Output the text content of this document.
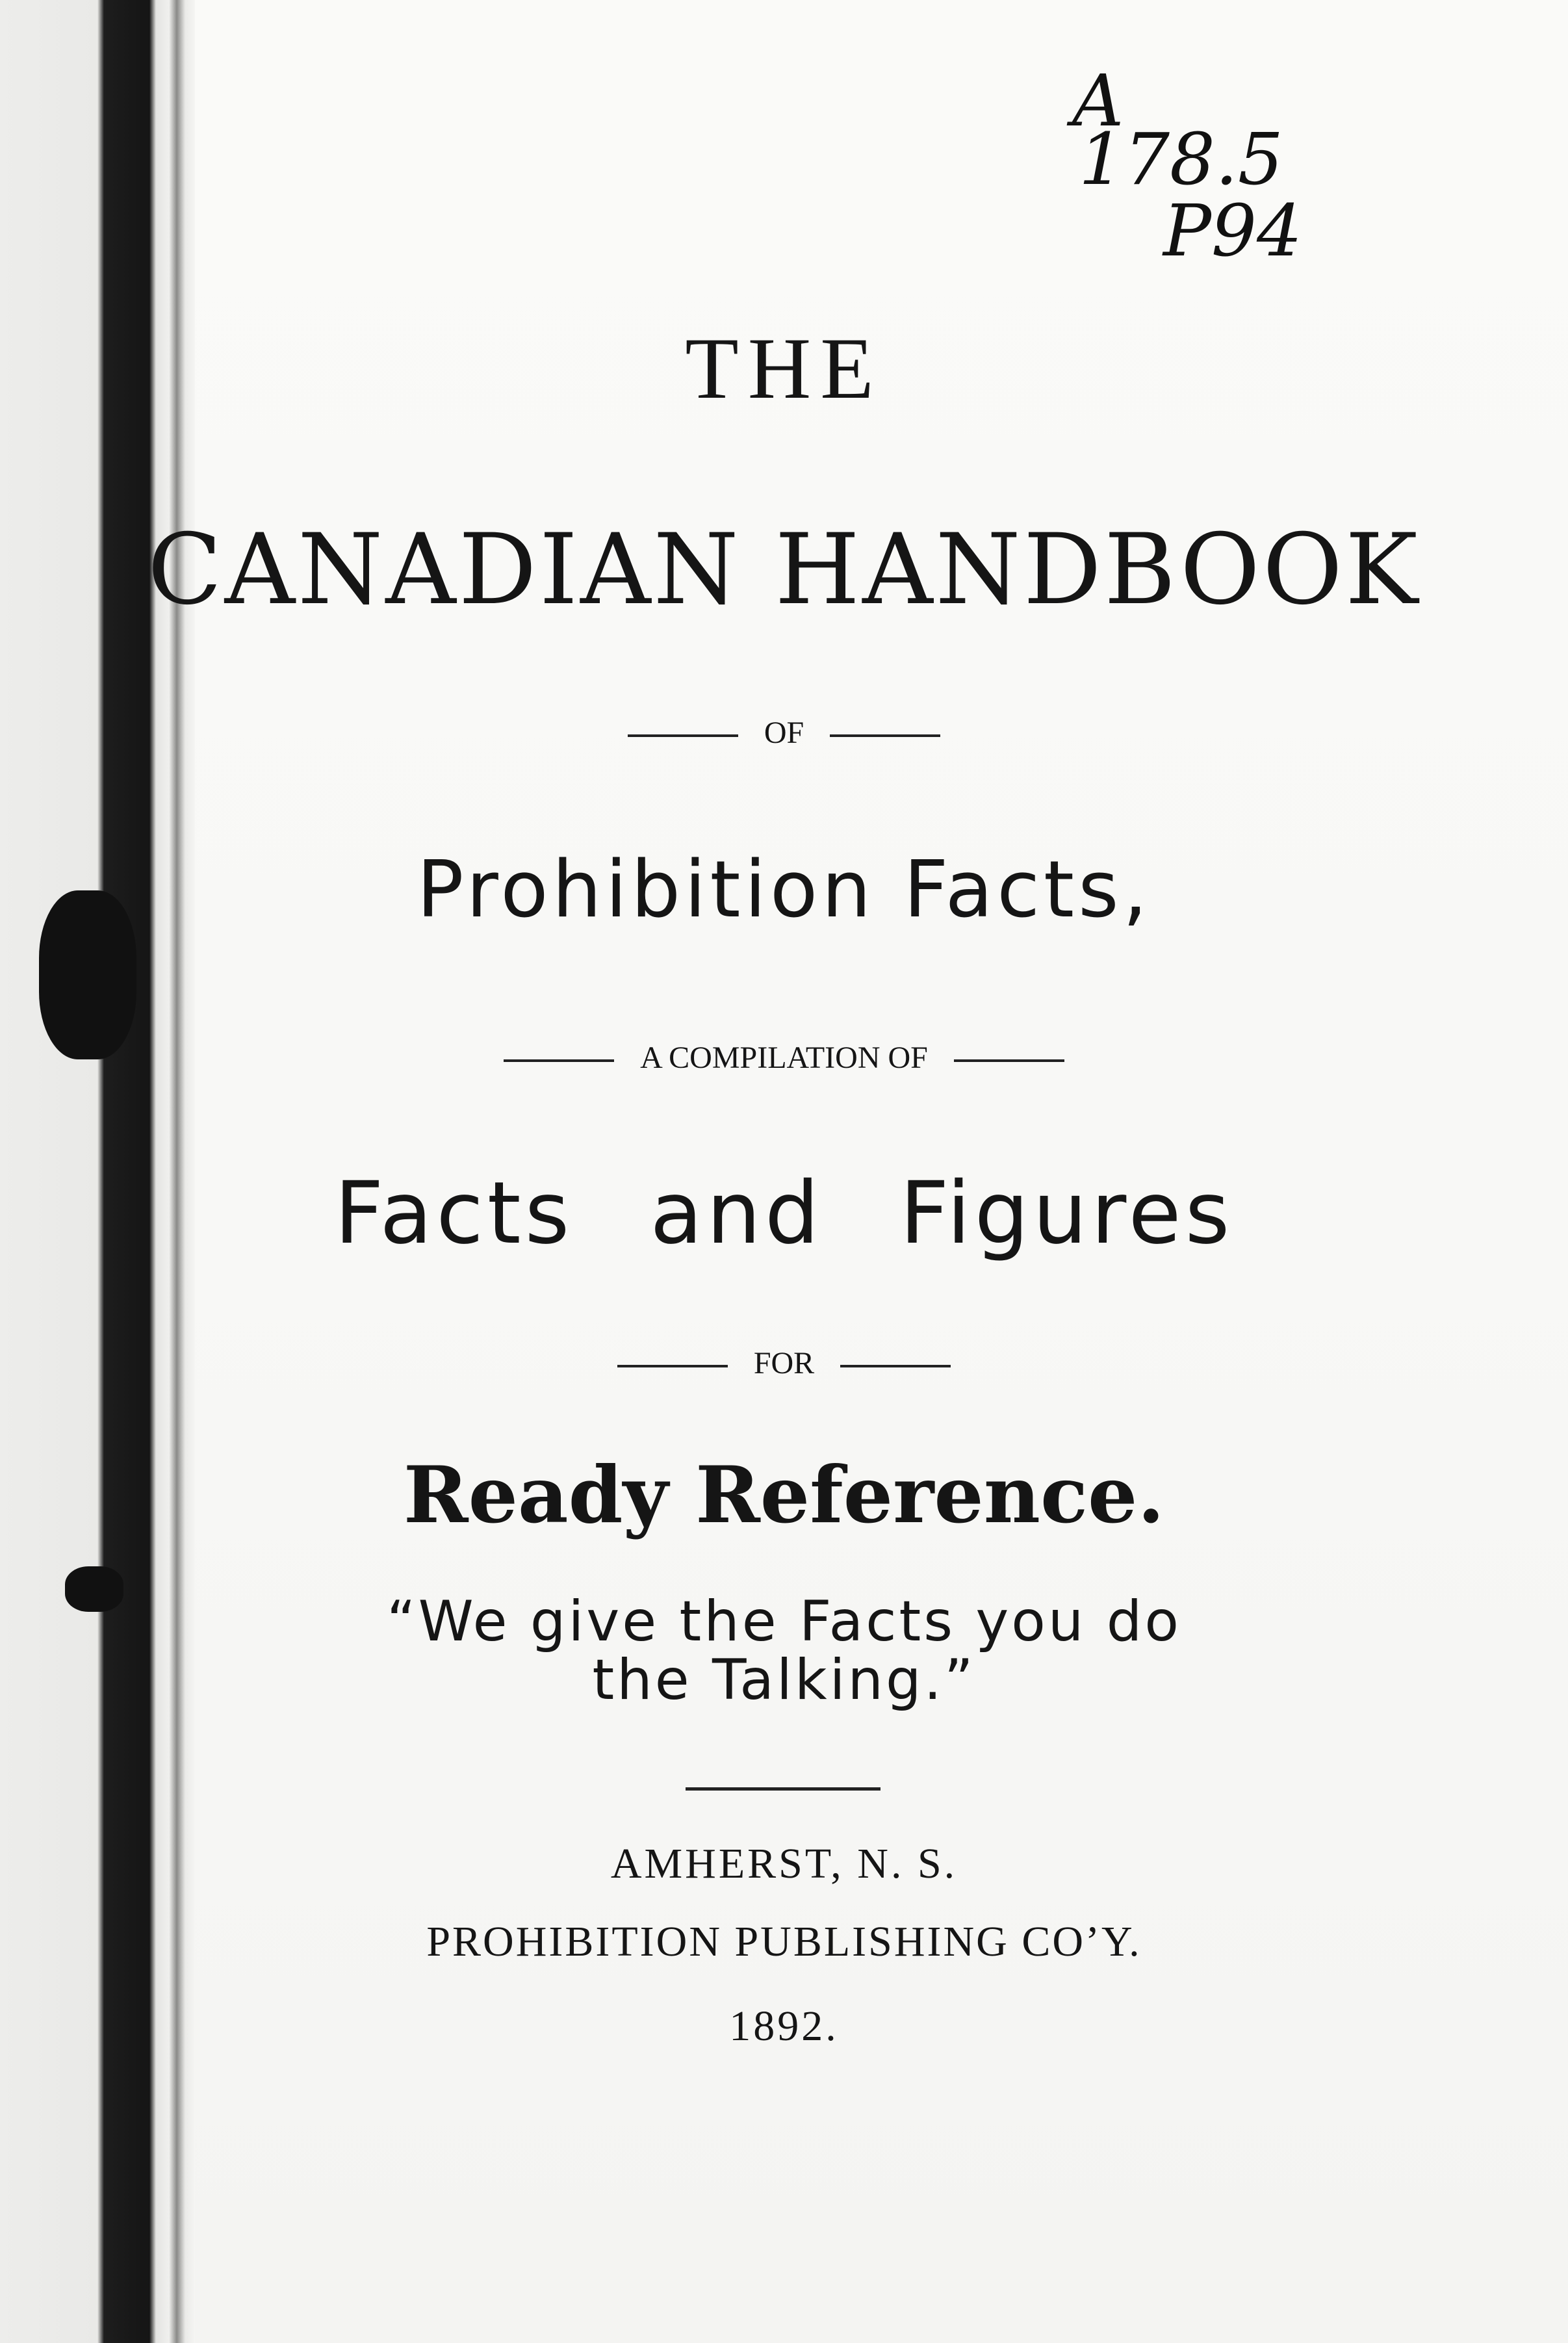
A
178.5
P94
THE
CANADIAN HANDBOOK
OF
Prohibition Facts,
A COMPILATION OF
Facts and Figures
FOR
Ready Reference.
“We give the Facts you do
the Talking.”
AMHERST, N. S.
PROHIBITION PUBLISHING CO’Y.
1892.
